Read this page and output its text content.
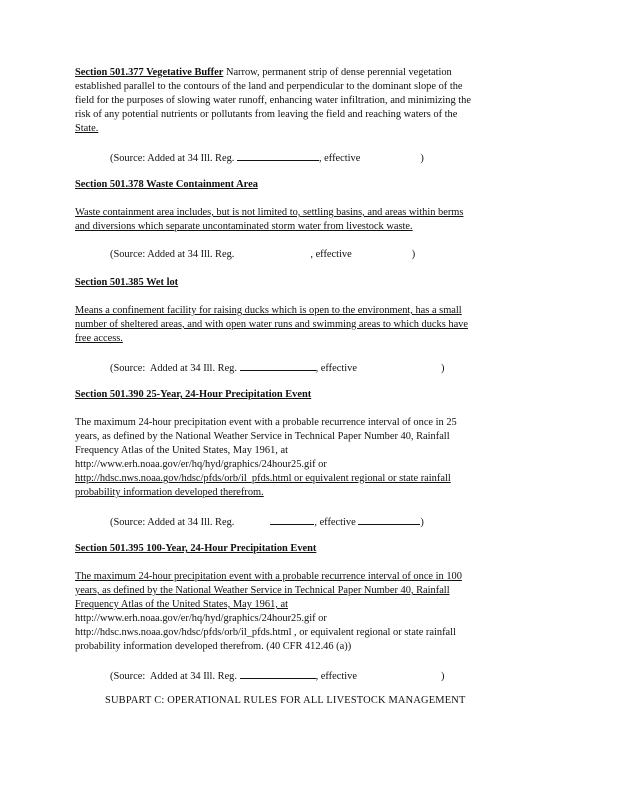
Section 501.377 Vegetative Buffer Narrow, permanent strip of dense perennial vegetation
established parallel to the contours of the land and perpendicular to the dominant slope of the
field for the purposes of slowing water runoff, enhancing water infiltration, and minimizing the
risk of any potential nutrients or pollutants from leaving the field and reaching waters of the
State.
(Source: Added at 34 Ill. Reg.	, effective	)
Section 501.378 Waste Containment Area
Waste containment area includes, but is not limited to, settling basins, and areas within berms
and diversions which separate uncontaminated storm water from livestock waste.
(Source: Added at 34 Ill. Reg.	, effective	)
Section 501.385 Wet lot
Means a confinement facility for raising ducks which is open to the environment, has a small
number of sheltered areas, and with open water runs and swimming areas to which ducks have
free access.
(Source:  Added at 34 Ill. Reg.	, effective	)
Section 501.390 25-Year, 24-Hour Precipitation Event
The maximum 24-hour precipitation event with a probable recurrence interval of once in 25
years, as defined by the National Weather Service in Technical Paper Number 40, Rainfall
Frequency Atlas of the United States, May 1961, at
http://www.erh.noaa.gov/er/hq/hyd/graphics/24hour25.gif or
http://hdsc.nws.noaa.gov/hdsc/pfds/orb/il_pfds.html or equivalent regional or state rainfall
probability information developed therefrom.
(Source: Added at 34 Ill. Reg.	, effective	)
Section 501.395 100-Year, 24-Hour Precipitation Event
The maximum 24-hour precipitation event with a probable recurrence interval of once in 100
years, as defined by the National Weather Service in Technical Paper Number 40, Rainfall
Frequency Atlas of the United States, May 1961, at
http://www.erh.noaa.gov/er/hq/hyd/graphics/24hour25.gif or
http://hdsc.nws.noaa.gov/hdsc/pfds/orb/il_pfds.html , or equivalent regional or state rainfall
probability information developed therefrom. (40 CFR 412.46 (a))
(Source:  Added at 34 Ill. Reg.	, effective	)
SUBPART C: OPERATIONAL RULES FOR ALL LIVESTOCK MANAGEMENT
